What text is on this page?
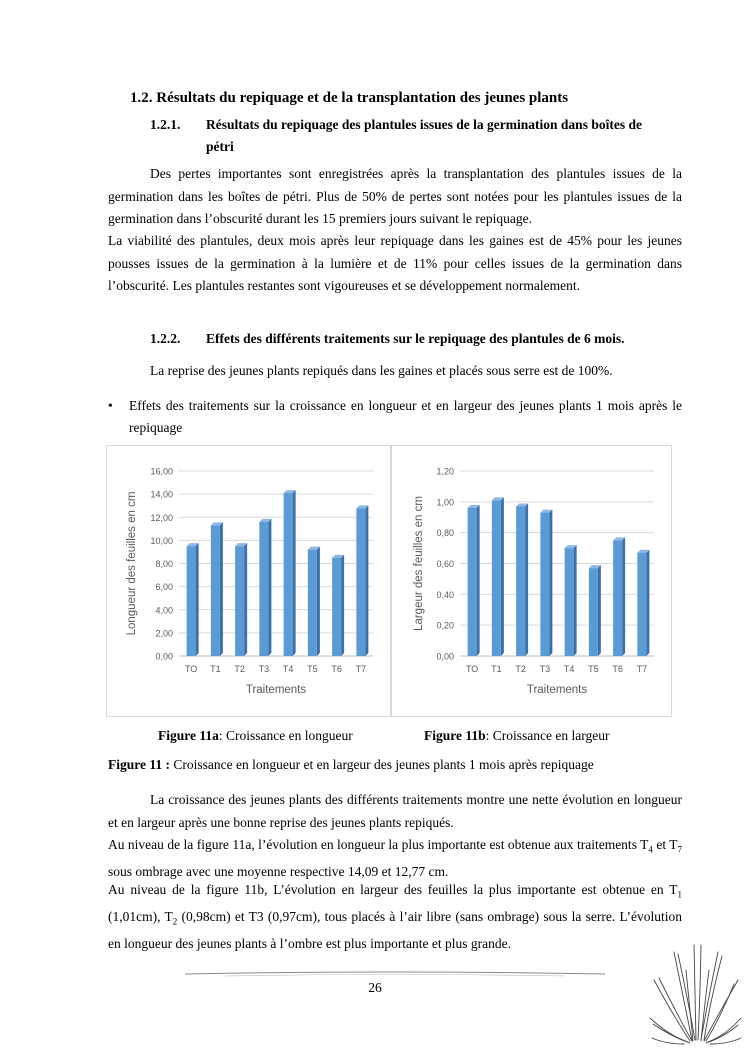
1.2. Résultats du repiquage et de la transplantation des jeunes plants
1.2.1. Résultats du repiquage des plantules issues de la germination dans boîtes de
pétri
Des pertes importantes sont enregistrées après la transplantation des plantules issues de la germination dans les boîtes de pétri. Plus de 50% de pertes sont notées pour les plantules issues de la germination dans l’obscurité durant les 15 premiers jours suivant le repiquage.
La viabilité des plantules, deux mois après leur repiquage dans les gaines est de 45% pour les jeunes pousses issues de la germination à la lumière et de 11% pour celles issues de la germination dans l’obscurité. Les plantules restantes sont vigoureuses et se développement normalement.
1.2.2. Effets des différents traitements sur le repiquage des plantules de 6 mois.
La reprise des jeunes plants repiqués dans les gaines et placés sous serre est de 100%.
• Effets des traitements sur la croissance en longueur et en largeur des jeunes plants 1 mois après le repiquage
0,00
2,00
4,00
6,00
8,00
10,00
12,00
14,00
16,00
TO T1 T2 T3 T4 T5 T6 T7
Traitements
Longueur des feuilles en cm
0,00
0,20
0,40
0,60
0,80
1,00
1,20
TO T1 T2 T3 T4 T5 T6 T7
Traitements
Largeur des feuilles en cm
Figure 11a: Croissance en longueur	Figure 11b: Croissance en largeur
Figure 11 : Croissance en longueur et en largeur des jeunes plants 1 mois après repiquage
La croissance des jeunes plants des différents traitements montre une nette évolution en longueur et en largeur après une bonne reprise des jeunes plants repiqués.
Au niveau de la figure 11a, l’évolution en longueur la plus importante est obtenue aux traitements $T_4$ et $T_7$ sous ombrage avec une moyenne respective 14,09 et 12,77 cm.
Au niveau de la figure 11b, L’évolution en largeur des feuilles la plus importante est obtenue en $T_1$ (1,01cm), $T_2$ (0,98cm) et T3 (0,97cm), tous placés à l’air libre (sans ombrage) sous la serre. L’évolution en longueur des jeunes plants à l’ombre est plus importante et plus grande.
26
